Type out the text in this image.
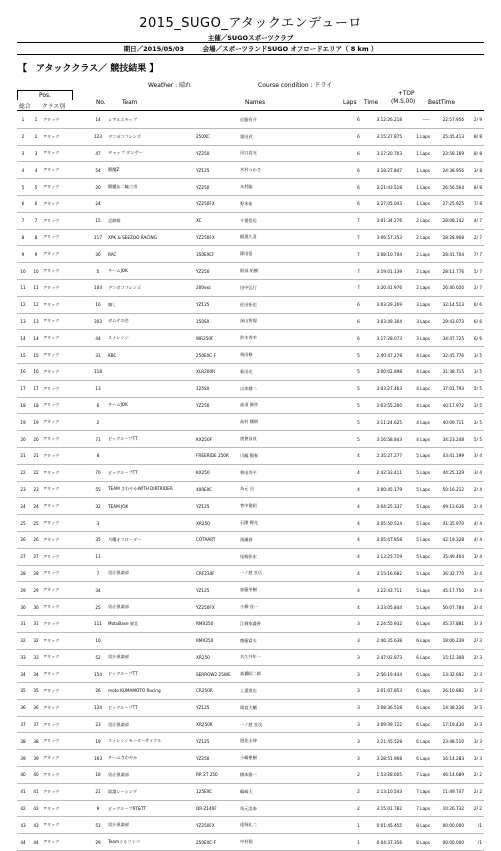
2015_SUGO_アタックエンデューロ
主催／SUGOスポーツクラブ
期日／2015/05/03	会場／スポーツランドSUGO オフロードエリア（ 8 km ）
【　アタッククラス／ 競技結果 】
Weather : 晴れ	Course condition : ドライ
Pos.
総合 クラス別
No.	Team	Names	Laps Time
+TOP
(M.S.00) BestTime
1	1	アタック	14	レアルエキップ		近藤有介	6	3:12:26.218	-----	22:57.956	2/ 9
2	2	アタック	123	デコポコフレンズ	250XC	栗田武	6	3:15:27.875	1 Laps	25:45.413	8/ 8
3	3	アタック	47	ギャップ ダンサー	YZ250	田口直光	6	3:17:20.703	1 Laps	23:58.169	8/ 8
4	4	アタック	54	閻魔Z	YZ125	木村つかさ	6	3:18:27.847	1 Laps	24:38.956	3/ 8
5	5	アタック	20	閻魔＆二輪工房	YZ250	木村聡	6	3:21:43.518	1 Laps	26:56.564	8/ 8
6	6	アタック	24		YZ250FX	野本祐	6	3:27:05.043	1 Laps	27:25.925	7/ 8
7	7	アタック	15	足跡娘	XC	千葉悟也	7	3:01:34.276	2 Laps	28:08.142	4/ 7
8	8	アタック	117	XPK & SEEZOO RACING	YZ250FX	稲葉久喜	7	3:06:57.353	2 Laps	28:28.908	2/ 7
9	9	アタック	30	RAC	350EXCF	篠田悟	7	3:08:10.704	2 Laps	28:41.704	7/ 7
10	10	アタック	5	チームJOK	YZ250	阿部 佑樹	7	3:19:01.139	2 Laps	28:11.776	5/ 7
11	11	アタック	104	デコボコフレンズ	200exc	田中弘行	7	3:20:41.976	2 Laps	26:40.020	2/ 7
12	12	アタック	16	無し	YZ125	佐田拓也	6	3:03:29.269	3 Laps	32:14.513	6/ 6
13	13	アタック	303	ガムテの会	150SX	深山智規	6	3:03:49.304	3 Laps	29:43.073	6/ 6
14	14	アタック	44	ストレンジ	WR250F	鈴木秀幸	6	3:17:28.073	3 Laps	34:47.725	6/ 6
15	15	アタック	31	KBC	250EXC-F	飛田修	5	2:40:47.278	4 Laps	32:45.776	3/ 5
16	16	アタック	118		XLR200R	新沼光	5	3:00:02.898	4 Laps	31:38.715	3/ 5
17	17	アタック	13		125SX	山本健二	5	3:03:27.463	4 Laps	37:01.793	5/ 5
18	18	アタック	6	チームJOK	YZ250	高須 勝彦	5	3:03:55.200	4 Laps	40:17.972	3/ 5
19	19	アタック	2			高村 剛朗	5	3:11:24.625	4 Laps	40:09.711	3/ 5
20	20	アタック	71	ビッグループTT	KX250F	渡會昌良	5	3:16:58.843	4 Laps	34:23.248	5/ 5
21	21	アタック	8		FREERIDE 250R	川嶋 陽春	4	2:35:27.277	5 Laps	43:41.199	3/ 4
22	22	アタック	70	ビッグループTT	KX250	和田寿平	4	2:42:33.411	5 Laps	44:25.129	3/ 4
23	23	アタック	55	TEAM さわやかWITH DIRTRIDER	400EXC	為元 岳	4	3:00:45.179	5 Laps	50:16.212	2/ 4
24	24	アタック	32	TEAM JOK	YZ125	菅中俊昭	4	3:04:25.337	5 Laps	49:13.636	2/ 4
25	25	アタック	3		XR250	石隈 輝光	4	3:05:50.524	5 Laps	41:35.970	4/ 4
26	26	アタック	35	月曜オフローダー	COTAART	黒瀬真	4	3:05:47.858	5 Laps	42:19.328	4/ 4
27	27	アタック	11			尾崎彰宏	4	3:13:25.719	5 Laps	35:49.404	3/ 4
28	28	アタック	7	男汁倶楽部	CRF230F	一ノ渡 宣広	4	3:15:16.682	5 Laps	36:32.770	3/ 4
29	29	アタック	34		YZ125	加藤冬樹	4	3:22:43.711	5 Laps	45:17.750	2/ 4
30	30	アタック	25	男汁倶楽部	YZ250FX	小柳 良一	4	3:23:05.844	5 Laps	50:07.784	2/ 4
31	31	アタック	111	MotoBase 東北	RMX250	江刺家羲香	3	2:24:55.932	6 Laps	45:37.881	3/ 3
32	32	アタック	10		RMX250	齋藤富夫	3	2:46:35.638	6 Laps	18:06.239	2/ 3
33	33	アタック	52	男汁倶楽部	XR250	名久井年一	3	2:47:02.873	6 Laps	15:12.308	2/ 3
34	34	アタック	154	ビッグループTT	SERROW2 25WE	髙橋昭二郎	3	2:56:19.444	6 Laps	13:32.692	2/ 3
35	35	アタック	26	moto KUMAMOTO Racing	CR250R	上妻達也	3	3:01:07.853	6 Laps	26:10.882	3/ 3
36	36	アタック	134	ビッグループTT	YZ125	岡直大輔	3	3:08:36.518	6 Laps	14:38.236	3/ 3
37	37	アタック	23	男汁倶楽部	XR250R	一ノ渡 宣次	3	3:09:39.722	6 Laps	17:19.430	3/ 3
38	38	アタック	19	ストレンジモーターサイクル	YZ125	遊佐圭伸	3	3:21:45.528	6 Laps	23:48.510	3/ 3
39	39	アタック	163	チームさわやか	YZ250	小嶋聖樹	3	3:28:51.968	6 Laps	16:14.283	3/ 3
40	40	アタック	18	男汁倶楽部	RR 2T 250	橋本雅一	2	1:53:28.605	7 Laps	46:14.689	2/ 2
41	41	アタック	21	陰謀レーシング	125EXC	嶋崎大	2	2:13:10.543	7 Laps	11:49.747	2/ 2
42	42	アタック	9	ビッグループRT&TT	DR-Z140F	角元浩泰	2	3:15:01.782	7 Laps	10:26.732	2/ 2
43	43	アタック	51	男汁倶楽部	YZ250FX	遠堀礼二	1	0:01:45.455	8 Laps	00:00.000	/1
44	44	アタック	29	Teamぐるリンパ	250EXC-F	中村翔	1	0:04:37.356	8 Laps	00:00.000	/1
